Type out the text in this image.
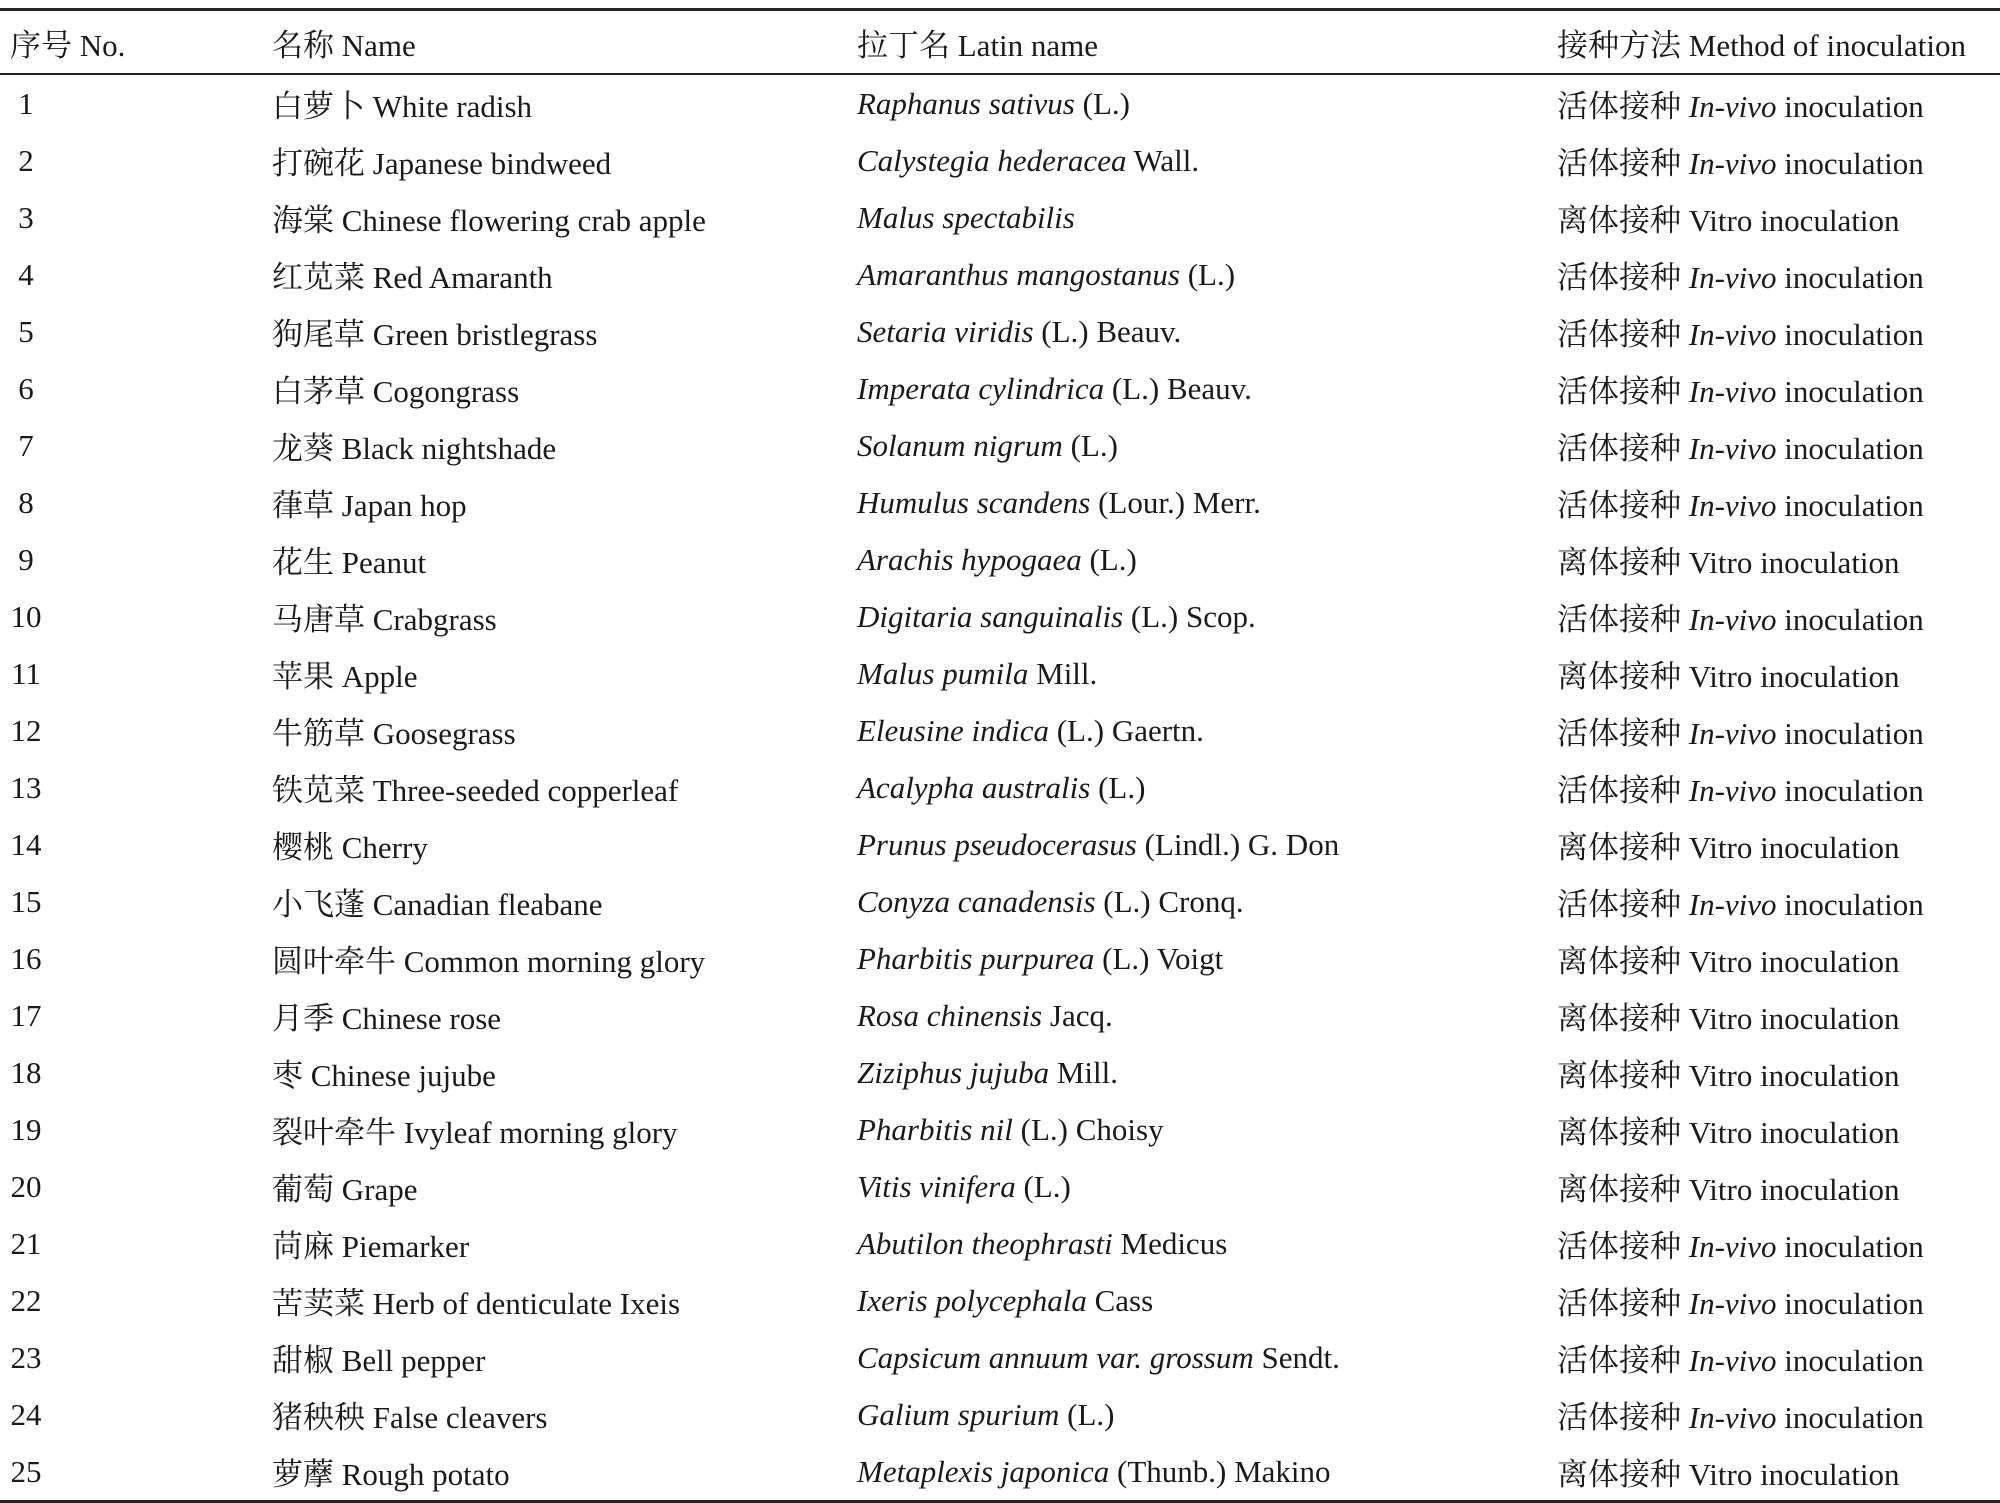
序号 No.	名称 Name	拉丁名 Latin name	接种方法 Method of inoculation
1	白萝卜 White radish	Raphanus sativus (L.)	活体接种 In-vivo inoculation
2	打碗花 Japanese bindweed	Calystegia hederacea Wall.	活体接种 In-vivo inoculation
3	海棠 Chinese flowering crab apple	Malus spectabilis	离体接种 Vitro inoculation
4	红苋菜 Red Amaranth	Amaranthus mangostanus (L.)	活体接种 In-vivo inoculation
5	狗尾草 Green bristlegrass	Setaria viridis (L.) Beauv.	活体接种 In-vivo inoculation
6	白茅草 Cogongrass	Imperata cylindrica (L.) Beauv.	活体接种 In-vivo inoculation
7	龙葵 Black nightshade	Solanum nigrum (L.)	活体接种 In-vivo inoculation
8	葎草 Japan hop	Humulus scandens (Lour.) Merr.	活体接种 In-vivo inoculation
9	花生 Peanut	Arachis hypogaea (L.)	离体接种 Vitro inoculation
10	马唐草 Crabgrass	Digitaria sanguinalis (L.) Scop.	活体接种 In-vivo inoculation
11	苹果 Apple	Malus pumila Mill.	离体接种 Vitro inoculation
12	牛筋草 Goosegrass	Eleusine indica (L.) Gaertn.	活体接种 In-vivo inoculation
13	铁苋菜 Three-seeded copperleaf	Acalypha australis (L.)	活体接种 In-vivo inoculation
14	樱桃 Cherry	Prunus pseudocerasus (Lindl.) G. Don	离体接种 Vitro inoculation
15	小飞蓬 Canadian fleabane	Conyza canadensis (L.) Cronq.	活体接种 In-vivo inoculation
16	圆叶牵牛 Common morning glory	Pharbitis purpurea (L.) Voigt	离体接种 Vitro inoculation
17	月季 Chinese rose	Rosa chinensis Jacq.	离体接种 Vitro inoculation
18	枣 Chinese jujube	Ziziphus jujuba Mill.	离体接种 Vitro inoculation
19	裂叶牵牛 Ivyleaf morning glory	Pharbitis nil (L.) Choisy	离体接种 Vitro inoculation
20	葡萄 Grape	Vitis vinifera (L.)	离体接种 Vitro inoculation
21	苘麻 Piemarker	Abutilon theophrasti Medicus	活体接种 In-vivo inoculation
22	苦荬菜 Herb of denticulate Ixeis	Ixeris polycephala Cass	活体接种 In-vivo inoculation
23	甜椒 Bell pepper	Capsicum annuum var. grossum Sendt.	活体接种 In-vivo inoculation
24	猪秧秧 False cleavers	Galium spurium (L.)	活体接种 In-vivo inoculation
25	萝藦 Rough potato	Metaplexis japonica (Thunb.) Makino	离体接种 Vitro inoculation
